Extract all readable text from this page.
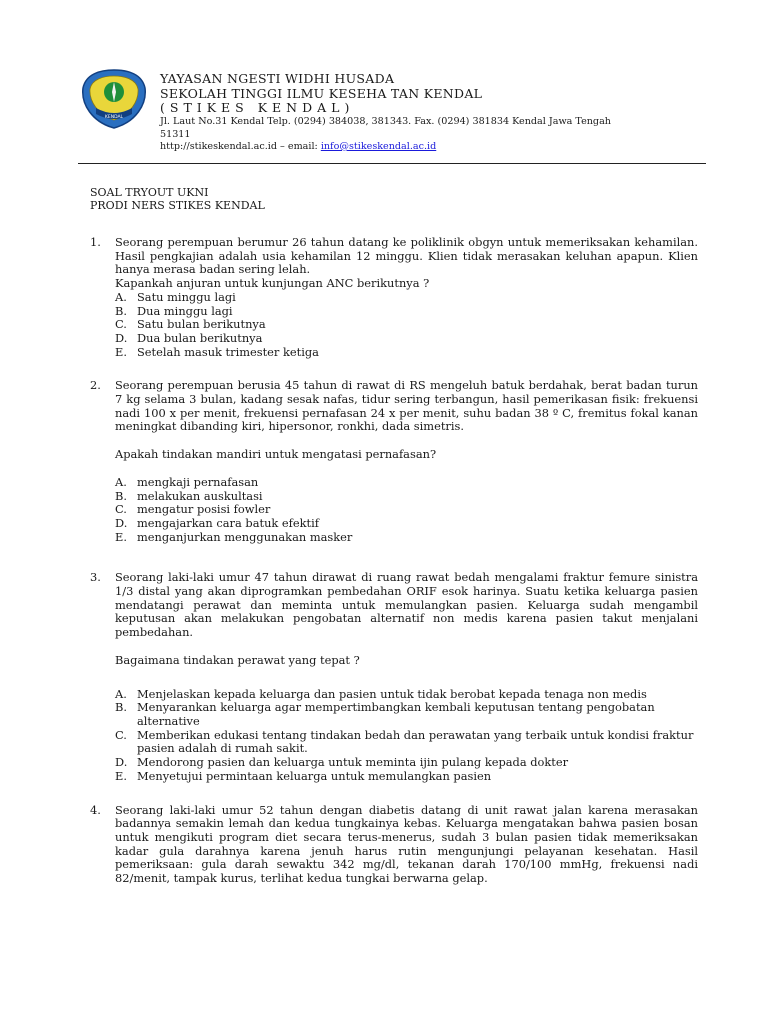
KENDAL
YAYASAN NGESTI WIDHI HUSADA
SEKOLAH TINGGI ILMU KESEHA TAN KENDAL
(STIKES KENDAL)
Jl. Laut No.31 Kendal Telp. (0294) 384038, 381343. Fax. (0294) 381834 Kendal Jawa Tengah
51311
http://stikeskendal.ac.id – email: info@stikeskendal.ac.id
SOAL TRYOUT UKNI
PRODI NERS STIKES KENDAL
1. Seorang perempuan berumur 26 tahun datang ke poliklinik obgyn untuk memeriksakan kehamilan. Hasil pengkajian adalah usia kehamilan 12 minggu. Klien tidak merasakan keluhan apapun. Klien hanya merasa badan sering lelah.
Kapankah anjuran untuk kunjungan ANC berikutnya ?
A. Satu minggu lagi
B. Dua minggu lagi
C. Satu bulan berikutnya
D. Dua bulan berikutnya
E. Setelah masuk trimester ketiga
2. Seorang perempuan berusia 45 tahun di rawat di RS mengeluh batuk berdahak, berat badan turun 7 kg selama 3 bulan, kadang sesak nafas, tidur sering terbangun, hasil pemerikasan fisik: frekuensi nadi 100 x per menit, frekuensi pernafasan 24 x per menit, suhu badan 38 º C, fremitus fokal kanan meningkat dibanding kiri, hipersonor, ronkhi, dada simetris.
Apakah tindakan mandiri untuk mengatasi pernafasan?
A. mengkaji pernafasan
B. melakukan auskultasi
C. mengatur posisi fowler
D. mengajarkan cara batuk efektif
E. menganjurkan menggunakan masker
3. Seorang laki-laki umur 47 tahun dirawat di ruang rawat bedah mengalami fraktur femure sinistra 1/3 distal yang akan diprogramkan pembedahan ORIF esok harinya. Suatu ketika keluarga pasien mendatangi perawat dan meminta untuk memulangkan pasien. Keluarga sudah mengambil keputusan akan melakukan pengobatan alternatif non medis karena pasien takut menjalani pembedahan.
Bagaimana tindakan perawat yang tepat ?
A. Menjelaskan kepada keluarga dan pasien untuk tidak berobat kepada tenaga non medis
B. Menyarankan keluarga agar mempertimbangkan kembali keputusan tentang pengobatan alternative
C. Memberikan edukasi tentang tindakan bedah dan perawatan yang terbaik untuk kondisi fraktur pasien adalah di rumah sakit.
D. Mendorong pasien dan keluarga untuk meminta ijin pulang kepada dokter
E. Menyetujui permintaan keluarga untuk memulangkan pasien
4. Seorang laki-laki umur 52 tahun dengan diabetis datang di unit rawat jalan karena merasakan badannya semakin lemah dan kedua tungkainya kebas. Keluarga mengatakan bahwa pasien bosan untuk mengikuti program diet secara terus-menerus, sudah 3 bulan pasien tidak memeriksakan kadar gula darahnya karena jenuh harus rutin mengunjungi pelayanan kesehatan. Hasil pemeriksaan: gula darah sewaktu 342 mg/dl, tekanan darah 170/100 mmHg, frekuensi nadi 82/menit, tampak kurus, terlihat kedua tungkai berwarna gelap.
